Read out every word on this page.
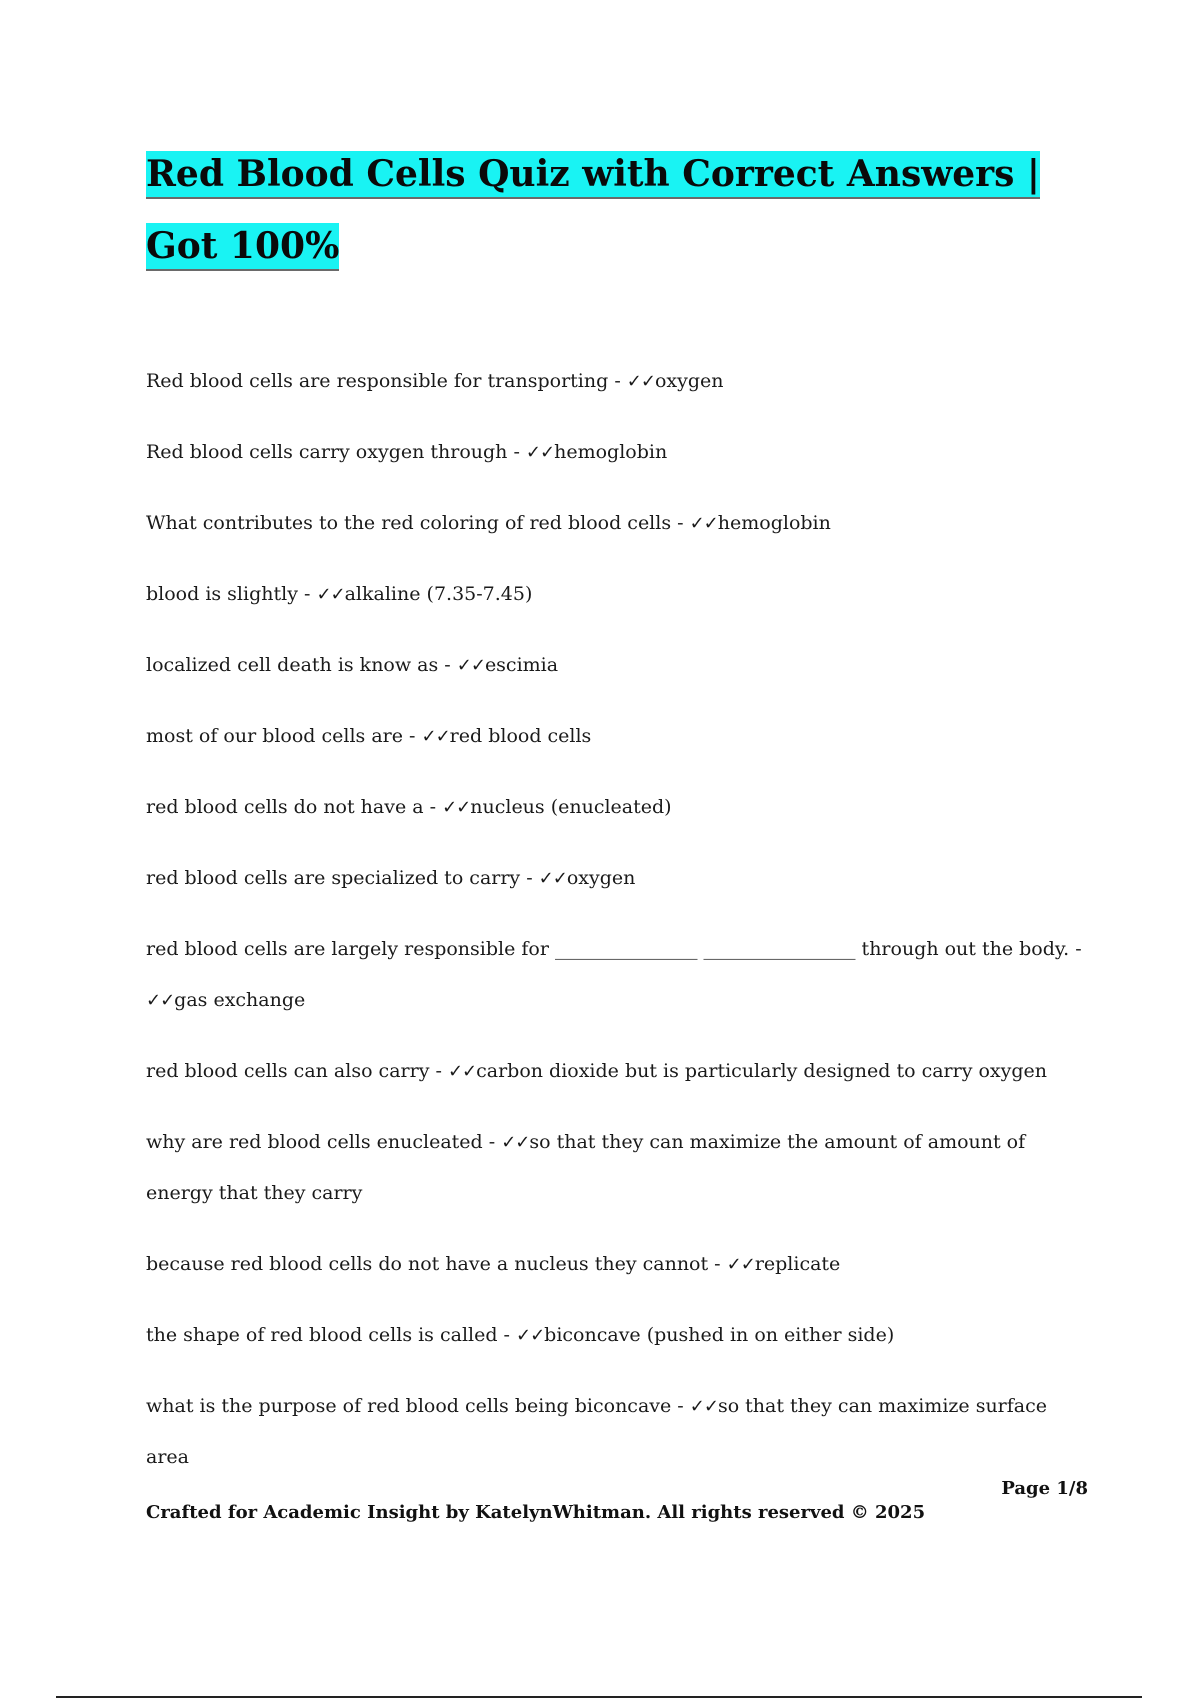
Red Blood Cells Quiz with Correct Answers | Got 100%
Red blood cells are responsible for transporting - ✓✓oxygen
Red blood cells carry oxygen through - ✓✓hemoglobin
What contributes to the red coloring of red blood cells - ✓✓hemoglobin
blood is slightly - ✓✓alkaline (7.35-7.45)
localized cell death is know as - ✓✓escimia
most of our blood cells are - ✓✓red blood cells
red blood cells do not have a - ✓✓nucleus (enucleated)
red blood cells are specialized to carry - ✓✓oxygen
red blood cells are largely responsible for _______________ ________________ through out the body. - ✓✓gas exchange
red blood cells can also carry - ✓✓carbon dioxide but is particularly designed to carry oxygen
why are red blood cells enucleated - ✓✓so that they can maximize the amount of amount of energy that they carry
because red blood cells do not have a nucleus they cannot - ✓✓replicate
the shape of red blood cells is called - ✓✓biconcave (pushed in on either side)
what is the purpose of red blood cells being biconcave - ✓✓so that they can maximize surface area
Page 1/8
Crafted for Academic Insight by KatelynWhitman. All rights reserved © 2025
